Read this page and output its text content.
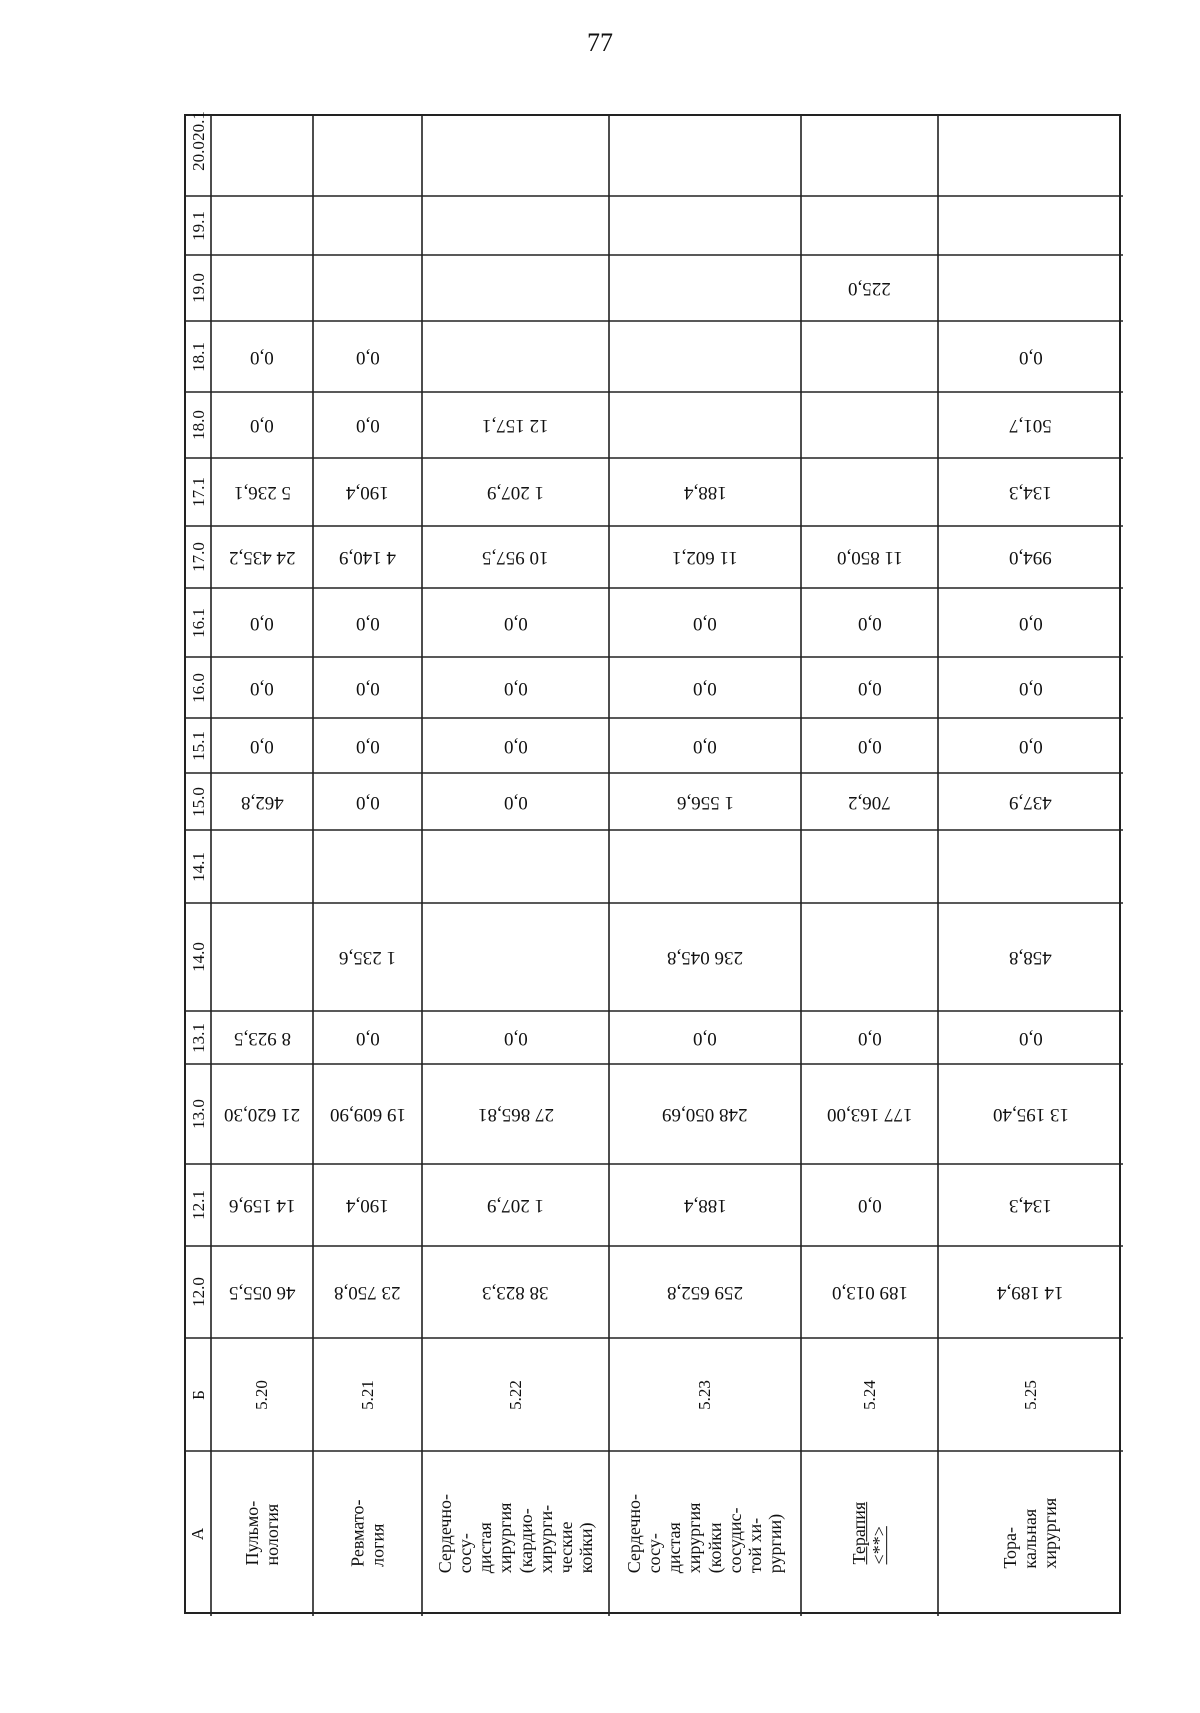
77
А
Б
12.0
12.1
13.0
13.1
14.0
14.1
15.0
15.1
16.0
16.1
17.0
17.1
18.0
18.1
19.0
19.1
20.0
20.1
Пульмо-
нология
5.20
46 055,5
14 159,6
21 620,30
8 923,5
462,8
0,0
0,0
0,0
24 435,2
5 236,1
0,0
0,0
Ревмато-
логия
5.21
23 750,8
190,4
19 609,90
0,0
1 235,6
0,0
0,0
0,0
0,0
4 140,9
190,4
0,0
0,0
Сердечно-
сосу-
дистая
хирургия
(кардио-
хирурги-
ческие
койки)
5.22
38 823,3
1 207,9
27 865,81
0,0
0,0
0,0
0,0
0,0
10 957,5
1 207,9
12 157,1
Сердечно-
сосу-
дистая
хирургия
(койки
сосудис-
той хи-
рургии)
5.23
259 652,8
188,4
248 050,69
0,0
236 045,8
1 556,6
0,0
0,0
0,0
11 602,1
188,4
Терапия
<**>
5.24
189 013,0
0,0
177 163,00
0,0
706,2
0,0
0,0
0,0
11 850,0
225,0
Тора-
кальная
хирургия
5.25
14 189,4
134,3
13 195,40
0,0
458,8
437,9
0,0
0,0
0,0
994,0
134,3
501,7
0,0
